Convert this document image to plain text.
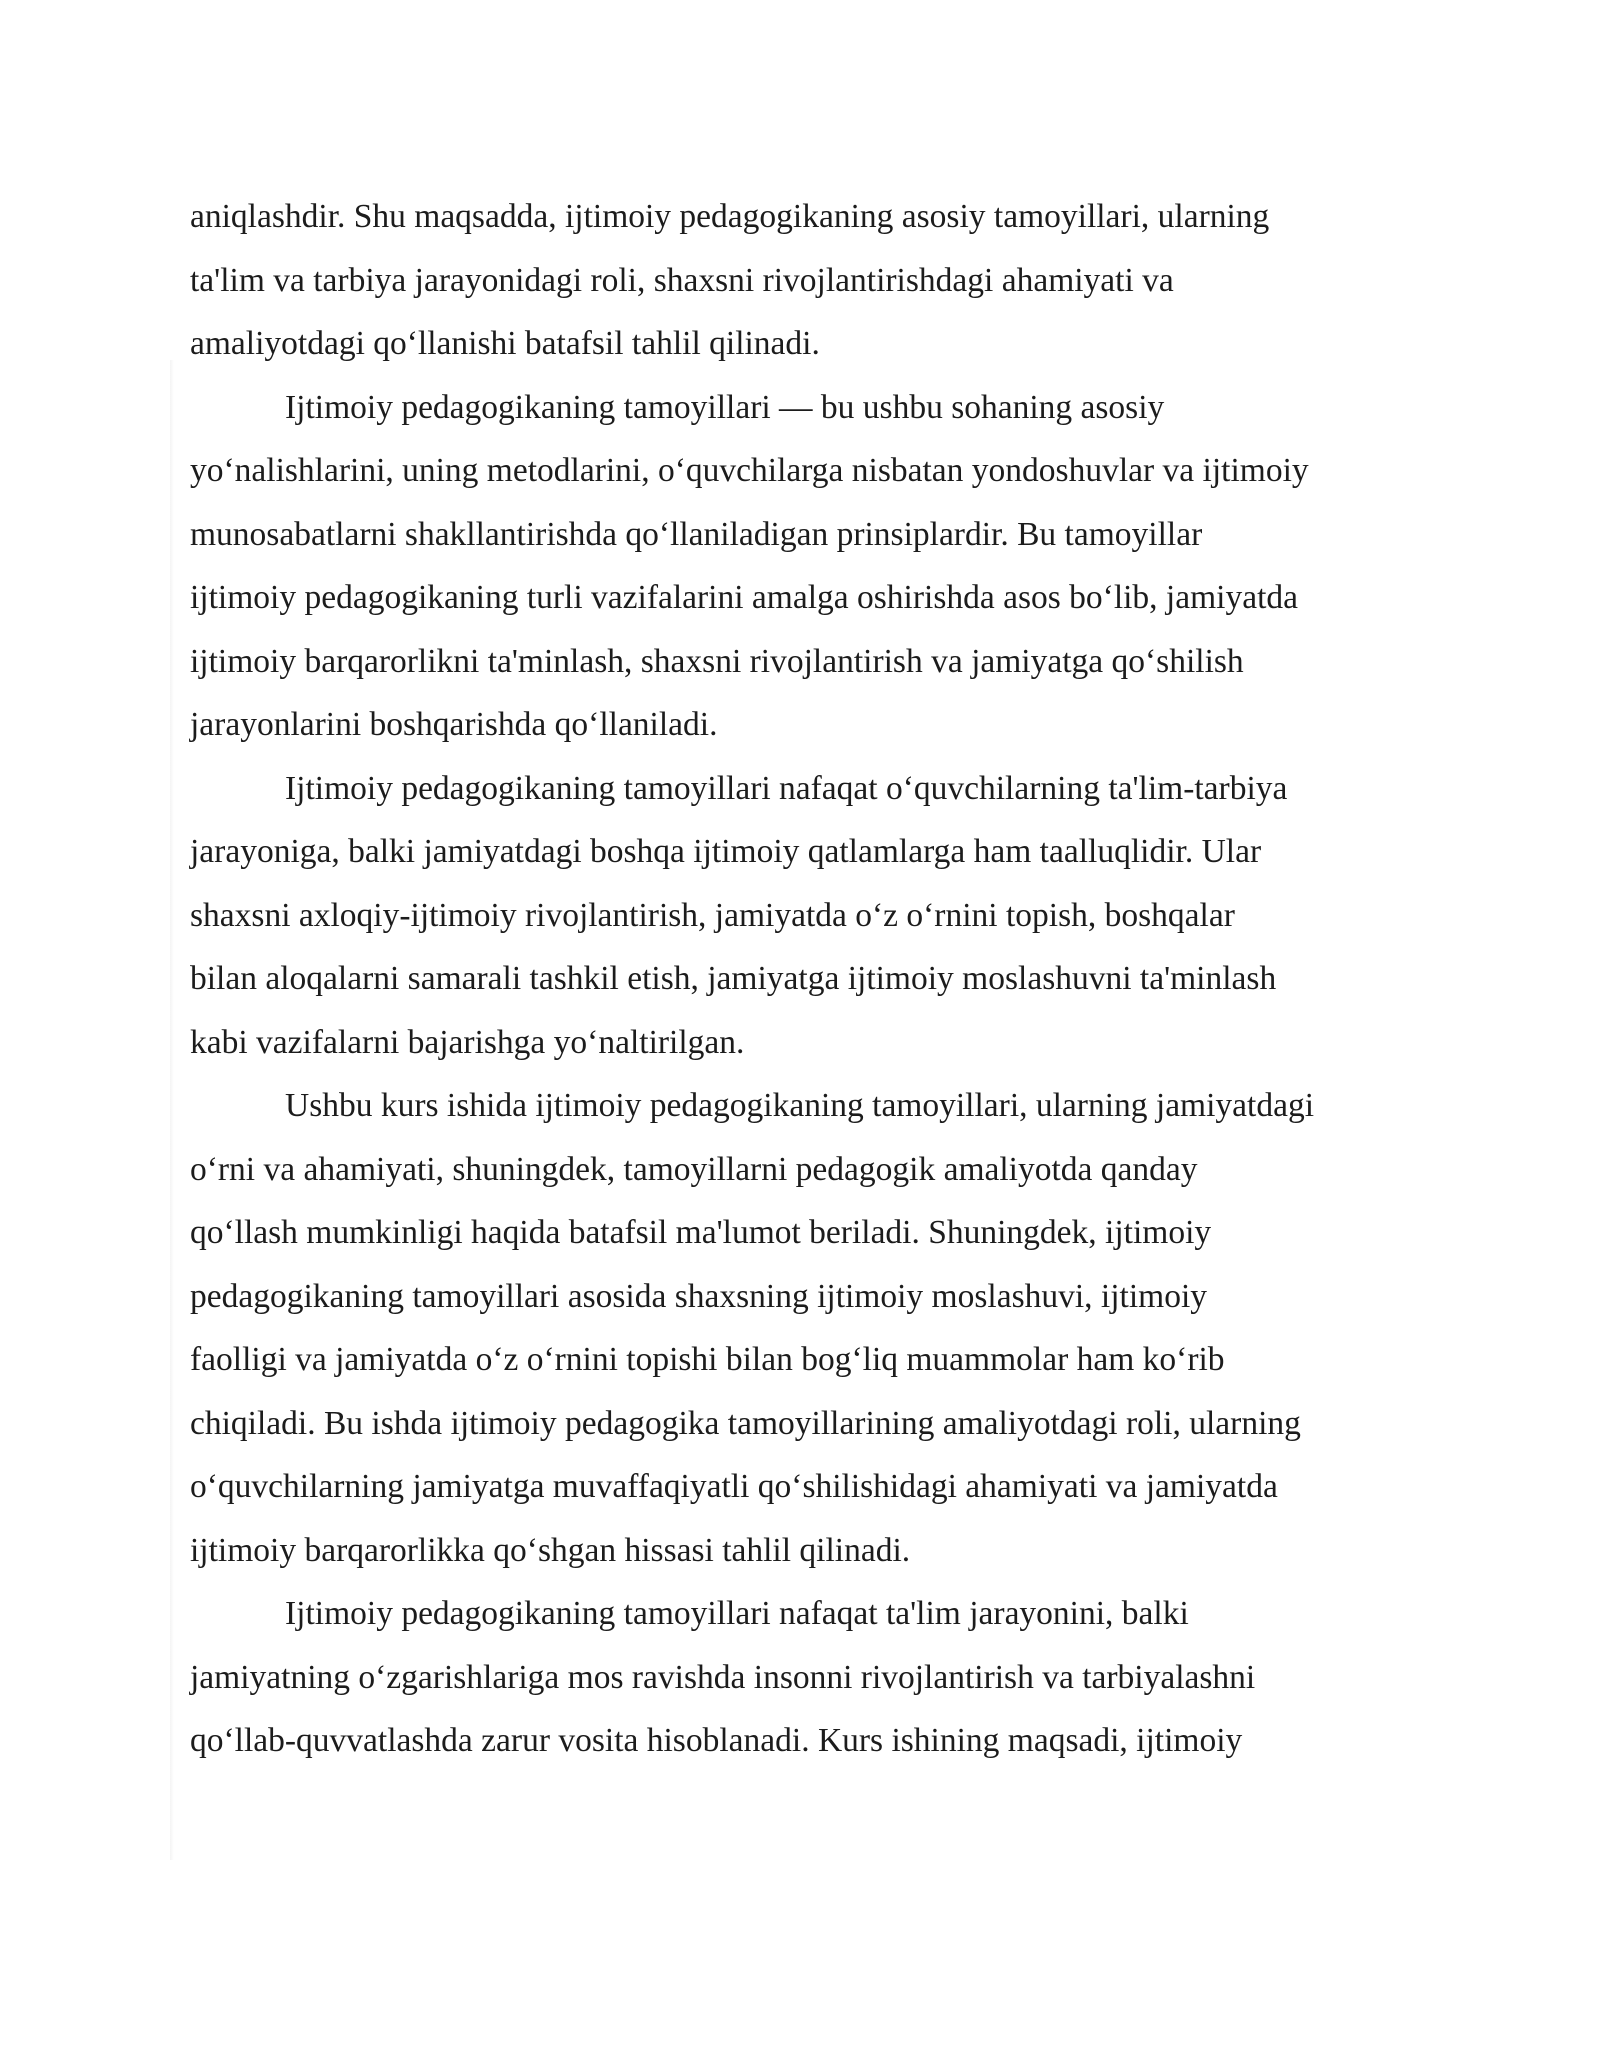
aniqlashdir. Shu maqsadda, ijtimoiy pedagogikaning asosiy tamoyillari, ularning
ta'lim va tarbiya jarayonidagi roli, shaxsni rivojlantirishdagi ahamiyati va
amaliyotdagi qo‘llanishi batafsil tahlil qilinadi.

Ijtimoiy pedagogikaning tamoyillari — bu ushbu sohaning asosiy
yo‘nalishlarini, uning metodlarini, o‘quvchilarga nisbatan yondoshuvlar va ijtimoiy
munosabatlarni shakllantirishda qo‘llaniladigan prinsiplardir. Bu tamoyillar
ijtimoiy pedagogikaning turli vazifalarini amalga oshirishda asos bo‘lib, jamiyatda
ijtimoiy barqarorlikni ta'minlash, shaxsni rivojlantirish va jamiyatga qo‘shilish
jarayonlarini boshqarishda qo‘llaniladi.

Ijtimoiy pedagogikaning tamoyillari nafaqat o‘quvchilarning ta'lim-tarbiya
jarayoniga, balki jamiyatdagi boshqa ijtimoiy qatlamlarga ham taalluqlidir. Ular
shaxsni axloqiy-ijtimoiy rivojlantirish, jamiyatda o‘z o‘rnini topish, boshqalar
bilan aloqalarni samarali tashkil etish, jamiyatga ijtimoiy moslashuvni ta'minlash
kabi vazifalarni bajarishga yo‘naltirilgan.

Ushbu kurs ishida ijtimoiy pedagogikaning tamoyillari, ularning jamiyatdagi
o‘rni va ahamiyati, shuningdek, tamoyillarni pedagogik amaliyotda qanday
qo‘llash mumkinligi haqida batafsil ma'lumot beriladi. Shuningdek, ijtimoiy
pedagogikaning tamoyillari asosida shaxsning ijtimoiy moslashuvi, ijtimoiy
faolligi va jamiyatda o‘z o‘rnini topishi bilan bog‘liq muammolar ham ko‘rib
chiqiladi. Bu ishda ijtimoiy pedagogika tamoyillarining amaliyotdagi roli, ularning
o‘quvchilarning jamiyatga muvaffaqiyatli qo‘shilishidagi ahamiyati va jamiyatda
ijtimoiy barqarorlikka qo‘shgan hissasi tahlil qilinadi.

Ijtimoiy pedagogikaning tamoyillari nafaqat ta'lim jarayonini, balki
jamiyatning o‘zgarishlariga mos ravishda insonni rivojlantirish va tarbiyalashni
qo‘llab-quvvatlashda zarur vosita hisoblanadi. Kurs ishining maqsadi, ijtimoiy
